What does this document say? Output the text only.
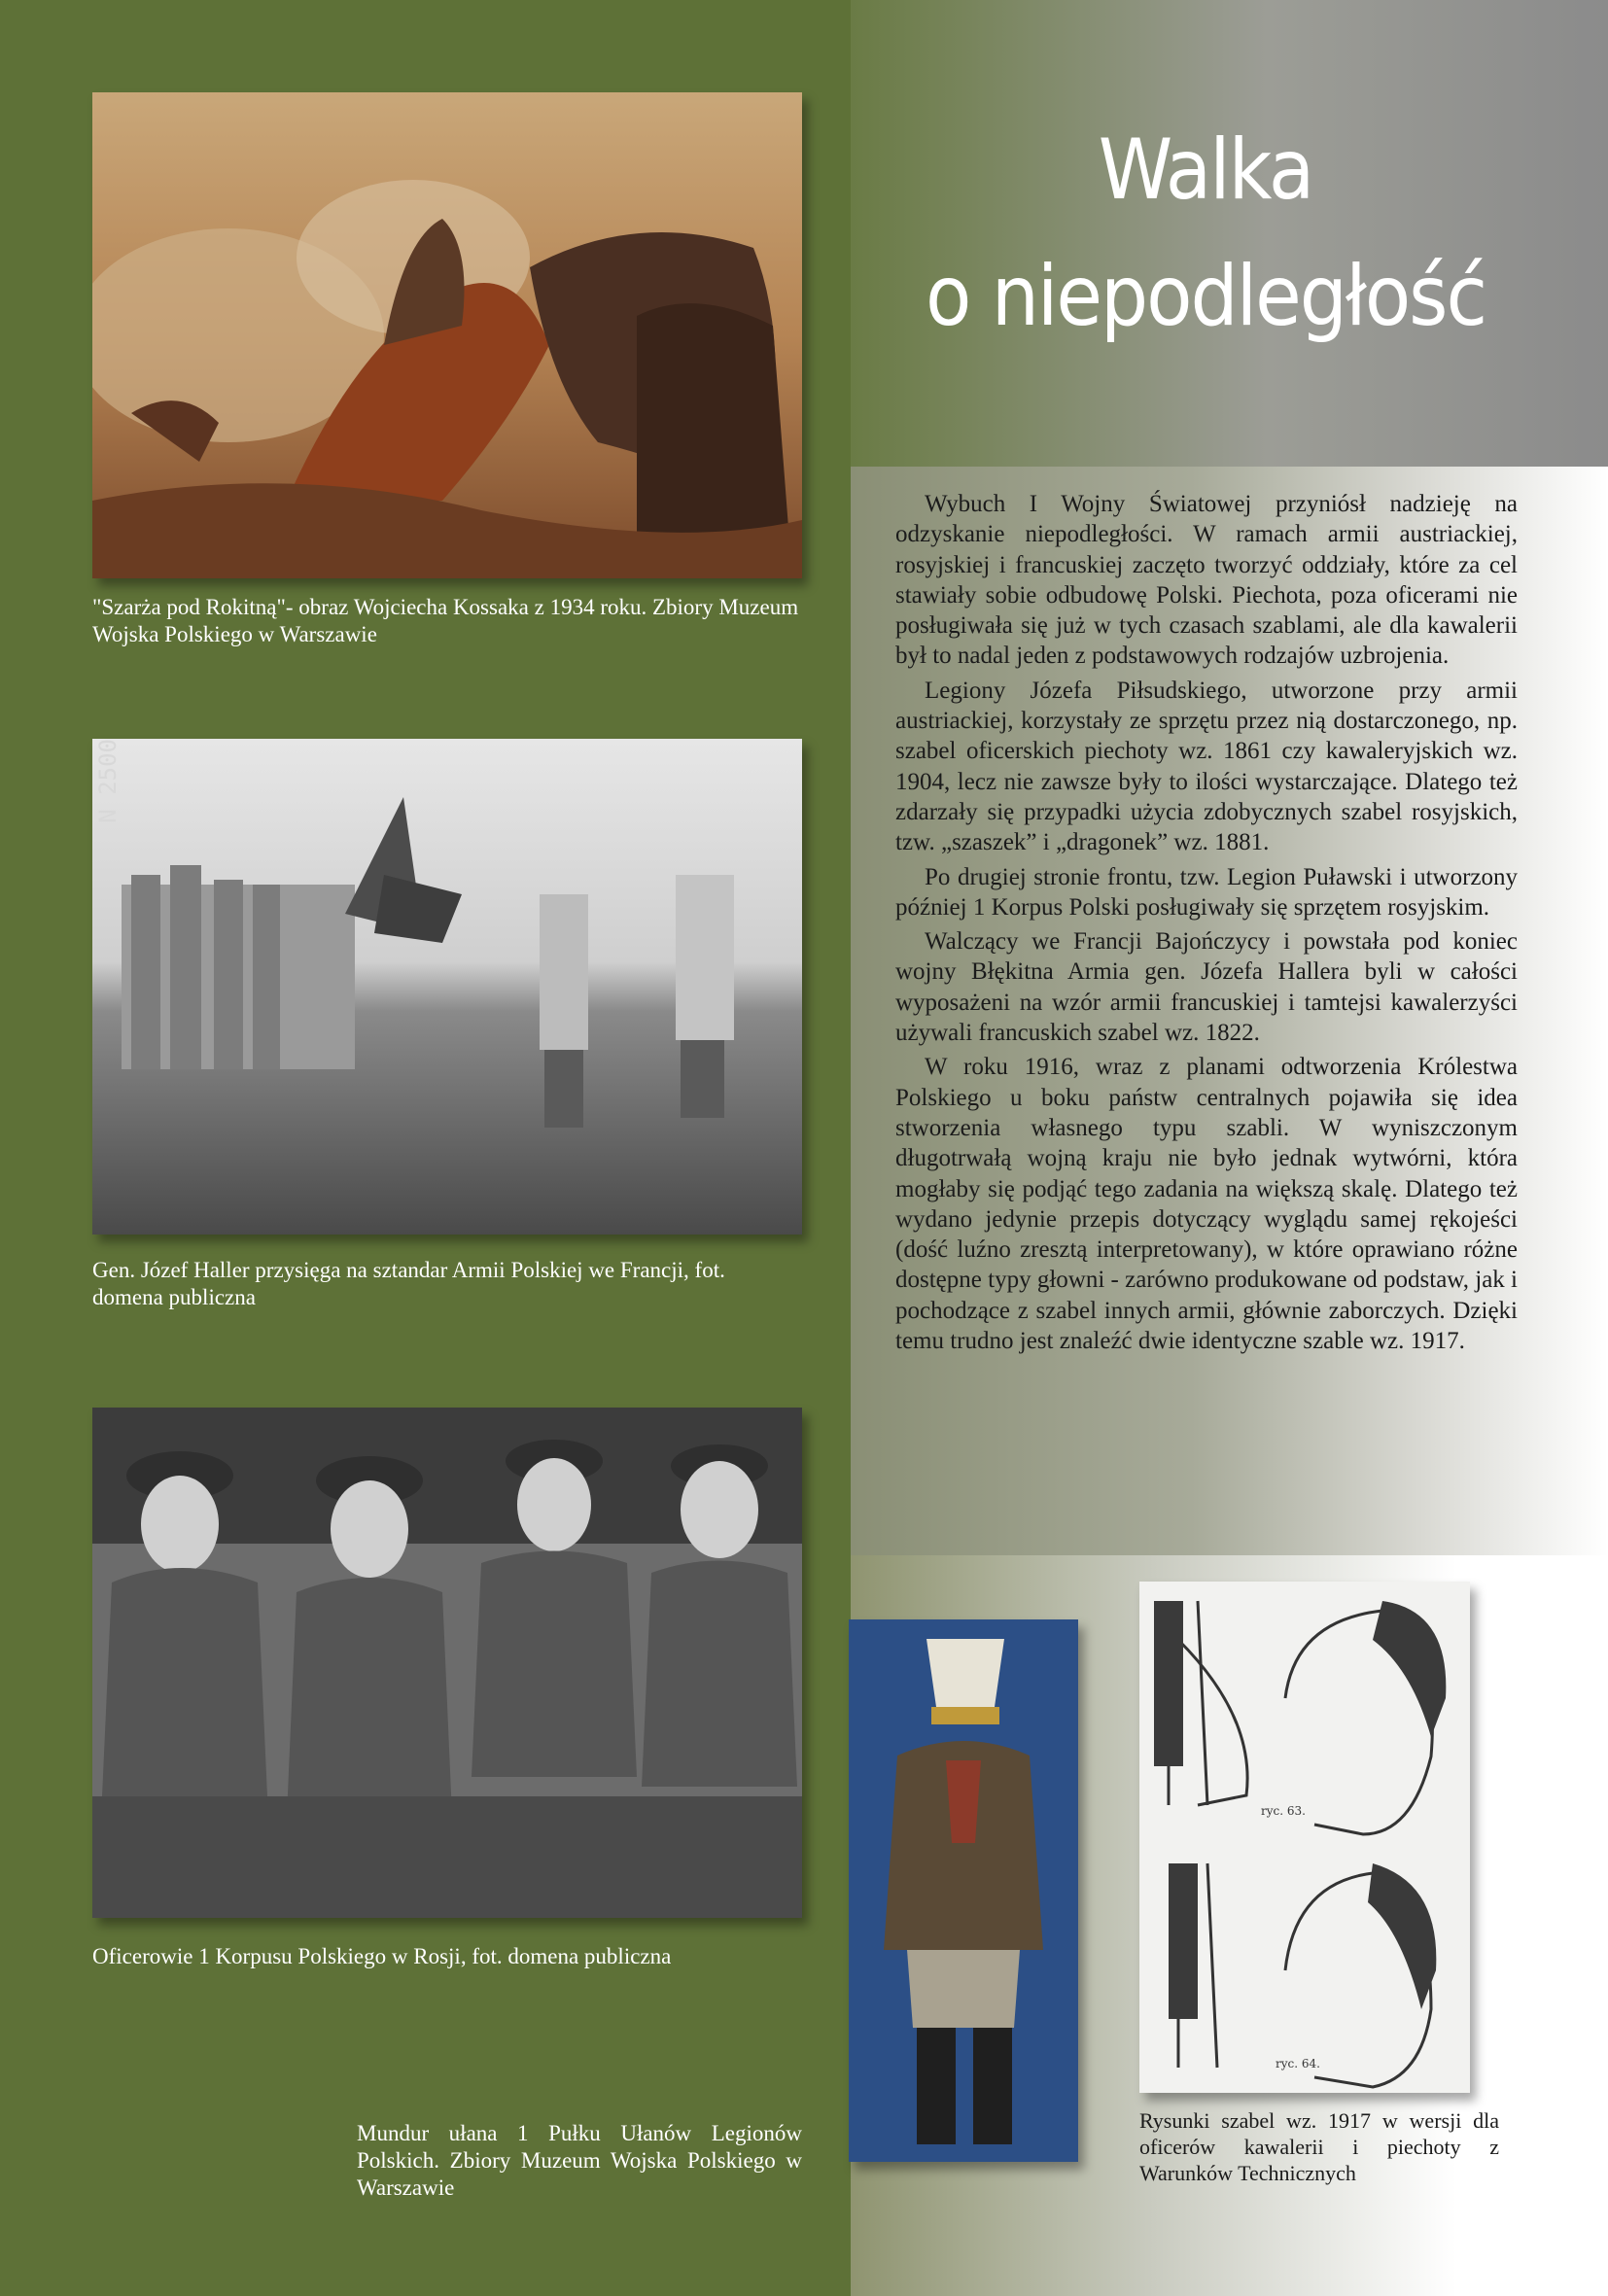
Walka
o niepodległość
"Szarża pod Rokitną"- obraz Wojciecha Kossaka z 1934 roku. Zbiory Muzeum Wojska Polskiego w Warszawie
N 2500
Gen. Józef Haller przysięga na sztandar Armii Polskiej we Francji, fot. domena publiczna
Oficerowie 1 Korpusu Polskiego w Rosji, fot. domena publiczna
Mundur ułana 1 Pułku Ułanów Legionów Polskich. Zbiory Muzeum Wojska Polskiego w Warszawie
ryc. 63.
ryc. 64.
Rysunki szabel wz. 1917 w wersji dla oficerów kawalerii i piechoty z Warunków Technicznych

Wybuch I Wojny Światowej przyniósł nadzieję na odzyskanie niepodległości. W ramach armii austriackiej, rosyjskiej i francuskiej zaczęto tworzyć oddziały, które za cel stawiały sobie odbudowę Polski. Piechota, poza oficerami nie posługiwała się już w tych czasach szablami, ale dla kawalerii był to nadal jeden z podstawowych rodzajów uzbrojenia.

Legiony Józefa Piłsudskiego, utworzone przy armii austriackiej, korzystały ze sprzętu przez nią dostarczonego, np. szabel oficerskich piechoty wz. 1861 czy kawaleryjskich wz. 1904, lecz nie zawsze były to ilości wystarczające. Dlatego też zdarzały się przypadki użycia zdobycznych szabel rosyjskich, tzw. „szaszek” i „dragonek” wz. 1881.

Po drugiej stronie frontu, tzw. Legion Puławski i utworzony później 1 Korpus Polski posługiwały się sprzętem rosyjskim.

Walczący we Francji Bajończycy i powstała pod koniec wojny Błękitna Armia gen. Józefa Hallera byli w całości wyposażeni na wzór armii francuskiej i tamtejsi kawalerzyści używali francuskich szabel wz. 1822.

W roku 1916, wraz z planami odtworzenia Królestwa Polskiego u boku państw centralnych pojawiła się idea stworzenia własnego typu szabli. W wyniszczonym długotrwałą wojną kraju nie było jednak wytwórni, która mogłaby się podjąć tego zadania na większą skalę. Dlatego też wydano jedynie przepis dotyczący wyglądu samej rękojeści (dość luźno zresztą interpretowany), w które oprawiano różne dostępne typy głowni - zarówno produkowane od podstaw, jak i pochodzące z szabel innych armii, głównie zaborczych. Dzięki temu trudno jest znaleźć dwie identyczne szable wz. 1917.
